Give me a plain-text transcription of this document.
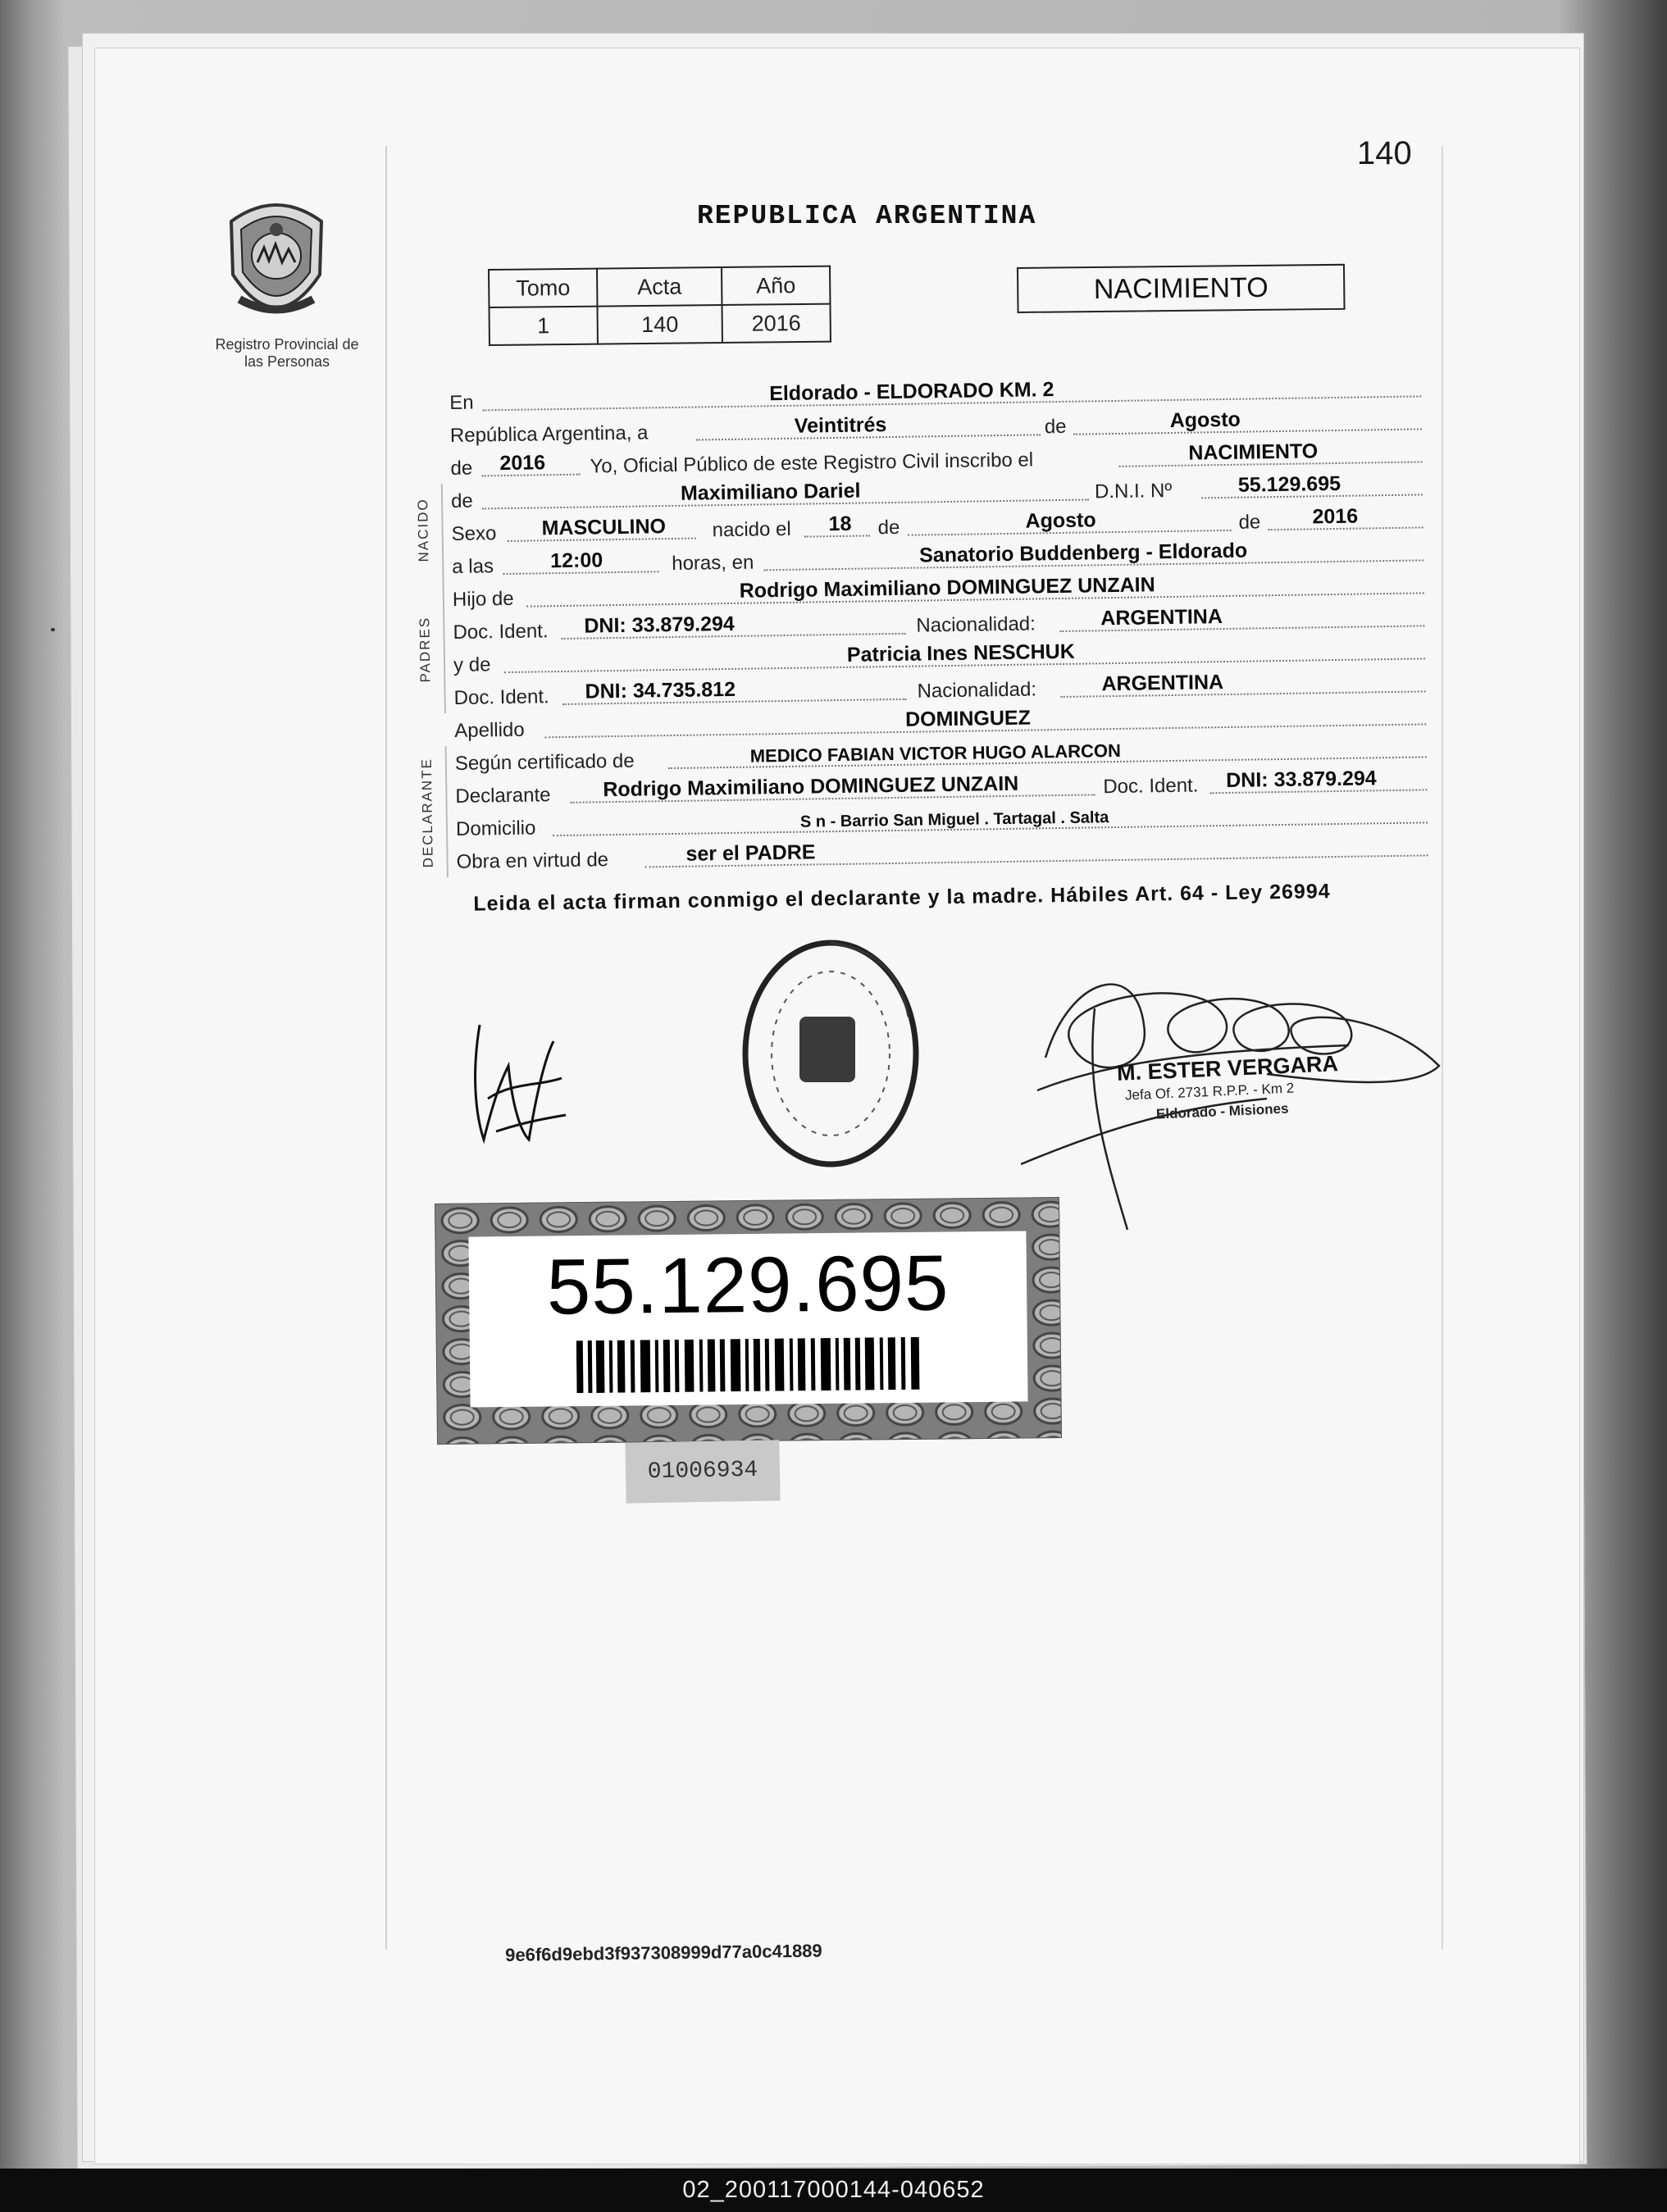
140
REPUBLICA ARGENTINA
Registro Provincial de las Personas
Tomo	Acta	Año
1	140	2016
NACIMIENTO
En	Eldorado - ELDORADO KM. 2
República Argentina, a	Veintitrés	de	Agosto
de 2016 Yo, Oficial Público de este Registro Civil inscribo el	NACIMIENTO
NACIDO de	Maximiliano Dariel	D.N.I. Nº	55.129.695
Sexo MASCULINO nacido el 18 de	Agosto	de	2016
a las	12:00	horas, en	Sanatorio Buddenberg - Eldorado
PADRES
Hijo de	Rodrigo Maximiliano DOMINGUEZ UNZAIN
Doc. Ident. DNI: 33.879.294	Nacionalidad:	ARGENTINA
y de	Patricia Ines NESCHUK
Doc. Ident. DNI: 34.735.812	Nacionalidad:	ARGENTINA
Apellido	DOMINGUEZ
DECLARANTE Según certificado de	MEDICO FABIAN VICTOR HUGO ALARCON
Declarante	Rodrigo Maximiliano DOMINGUEZ UNZAIN	Doc. Ident. DNI: 33.879.294
Domicilio	S n - Barrio San Miguel . Tartagal . Salta
Obra en virtud de	ser el PADRE
Leida el acta firman conmigo el declarante y la madre. Hábiles Art. 64 - Ley 26994
M. ESTER VERGARA
Jefa Of. 2731 R.P.P. - Km 2
Eldorado - Misiones
55.129.695
01006934
9e6f6d9ebd3f937308999d77a0c41889
02_200117000144-040652
